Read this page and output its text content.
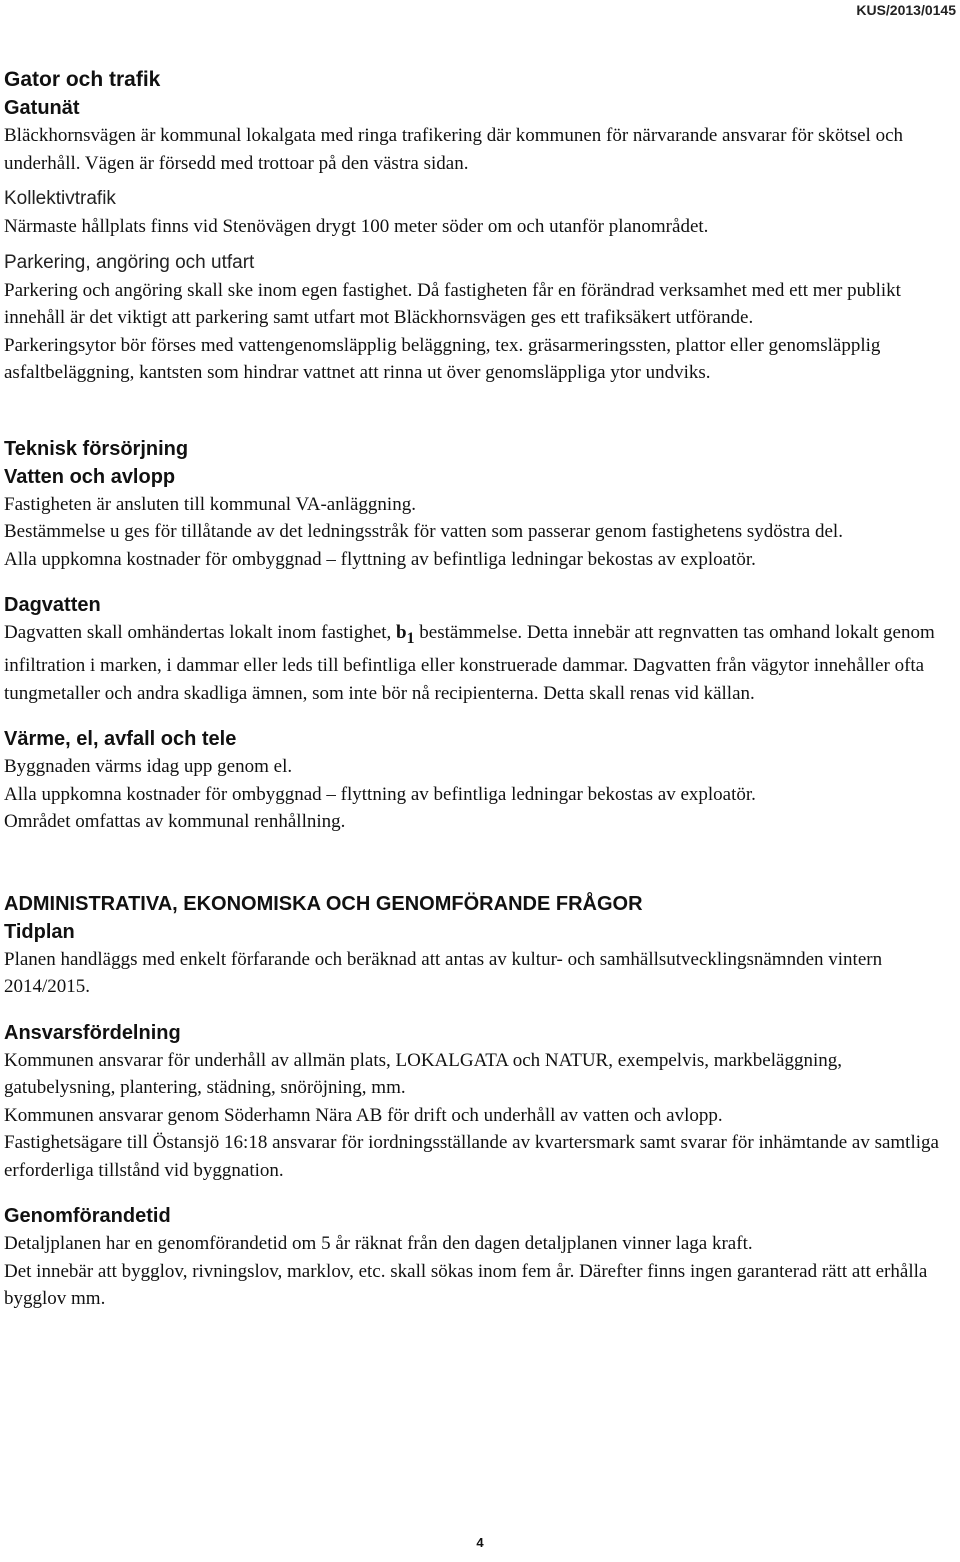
KUS/2013/0145
Gator och trafik
Gatunät

Bläckhornsvägen är kommunal lokalgata med ringa trafikering där kommunen för närvarande ansvarar för skötsel och underhåll. Vägen är försedd med trottoar på den västra sidan.

Kollektivtrafik

Närmaste hållplats finns vid Stenövägen drygt 100 meter söder om och utanför planområdet.

Parkering, angöring och utfart

Parkering och angöring skall ske inom egen fastighet. Då fastigheten får en förändrad verksamhet med ett mer publikt innehåll är det viktigt att parkering samt utfart mot Bläckhornsvägen ges ett trafiksäkert utförande.

Parkeringsytor bör förses med vattengenomsläpplig beläggning, tex. gräsarmeringssten, plattor eller genomsläpplig asfaltbeläggning, kantsten som hindrar vattnet att rinna ut över genomsläppliga ytor undviks.

Teknisk försörjning
Vatten och avlopp

Fastigheten är ansluten till kommunal VA-anläggning.

Bestämmelse u ges för tillåtande av det ledningsstråk för vatten som passerar genom fastighetens sydöstra del.

Alla uppkomna kostnader för ombyggnad – flyttning av befintliga ledningar bekostas av exploatör.

Dagvatten

Dagvatten skall omhändertas lokalt inom fastighet, $b_1$ bestämmelse. Detta innebär att regnvatten tas omhand lokalt genom infiltration i marken, i dammar eller leds till befintliga eller konstruerade dammar. Dagvatten från vägytor innehåller ofta tungmetaller och andra skadliga ämnen, som inte bör nå recipienterna. Detta skall renas vid källan.

Värme, el, avfall och tele

Byggnaden värms idag upp genom el.

Alla uppkomna kostnader för ombyggnad – flyttning av befintliga ledningar bekostas av exploatör.

Området omfattas av kommunal renhållning.

ADMINISTRATIVA, EKONOMISKA OCH GENOMFÖRANDE FRÅGOR
Tidplan

Planen handläggs med enkelt förfarande och beräknad att antas av kultur- och samhällsutvecklingsnämnden vintern 2014/2015.

Ansvarsfördelning

Kommunen ansvarar för underhåll av allmän plats, LOKALGATA och NATUR, exempelvis, markbeläggning, gatubelysning, plantering, städning, snöröjning, mm.

Kommunen ansvarar genom Söderhamn Nära AB för drift och underhåll av vatten och avlopp.

Fastighetsägare till Östansjö 16:18 ansvarar för iordningsställande av kvartersmark samt svarar för inhämtande av samtliga erforderliga tillstånd vid byggnation.

Genomförandetid

Detaljplanen har en genomförandetid om 5 år räknat från den dagen detaljplanen vinner laga kraft.

Det innebär att bygglov, rivningslov, marklov, etc. skall sökas inom fem år. Därefter finns ingen garanterad rätt att erhålla bygglov mm.

4
